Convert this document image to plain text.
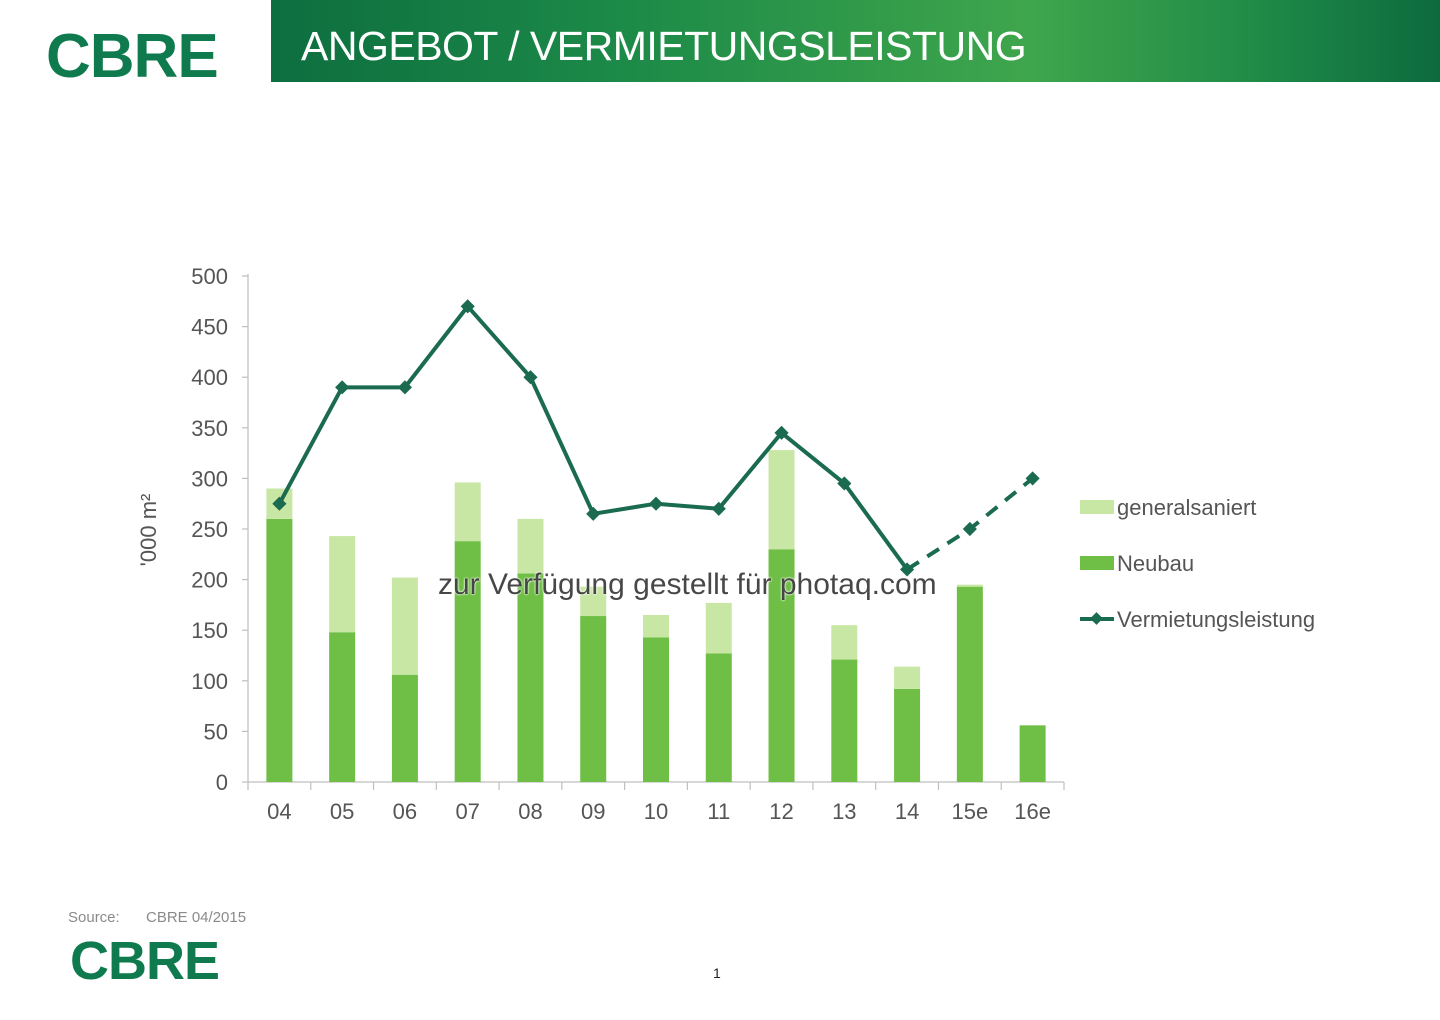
CBRE ANGEBOT / VERMIETUNGSLEISTUNG
0
50
100
150
200
250
300
350
400
450
500
04 05 06 07 08 09 10 11 12 13 14 15e 16e
'000 m²	generalsaniert
Neubau
Vermietungsleistung
zur Verfügung gestellt für photaq.com
Source: CBRE 04/2015
CBRE	1
